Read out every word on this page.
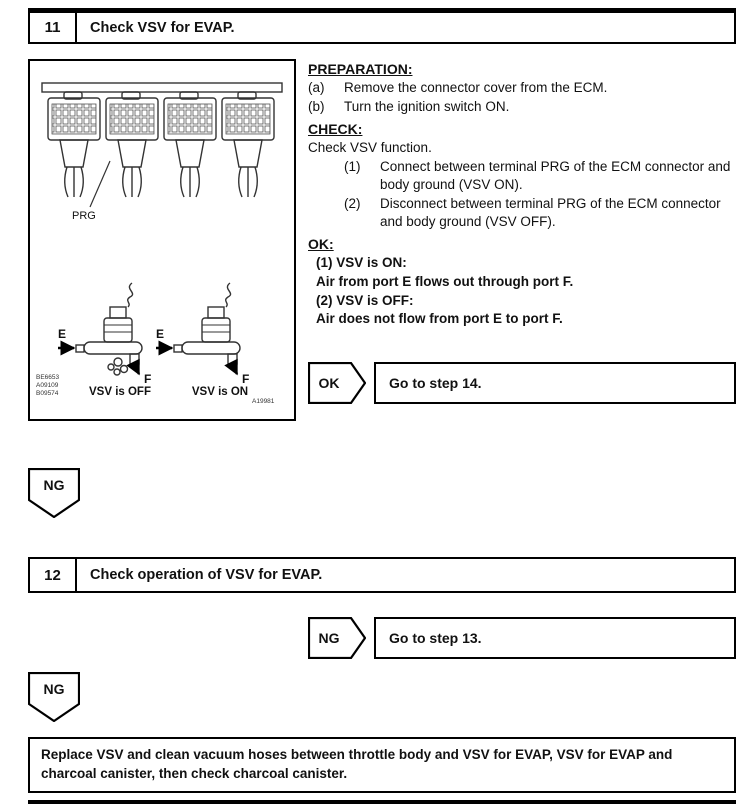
11	Check VSV for EVAP.
PRG
E
F
VSV is OFF
E
F
VSV is ON
BE6653
A09109
B09574
A19981
PREPARATION:
(a)	Remove the connector cover from the ECM.
(b)	Turn the ignition switch ON.
CHECK:
Check VSV function.
(1)	Connect between terminal PRG of the ECM connector and body ground (VSV ON).
(2)	Disconnect between terminal PRG of the ECM connector and body ground (VSV OFF).
OK:
(1) VSV is ON:
Air from port E flows out through port F.
(2) VSV is OFF:
Air does not flow from port E to port F.
OK	Go to step 14.
NG
12	Check operation of VSV for EVAP.
NG	Go to step 13.
NG
Replace VSV and clean vacuum hoses between throttle body and VSV for EVAP, VSV for EVAP and charcoal canister, then check charcoal canister.
